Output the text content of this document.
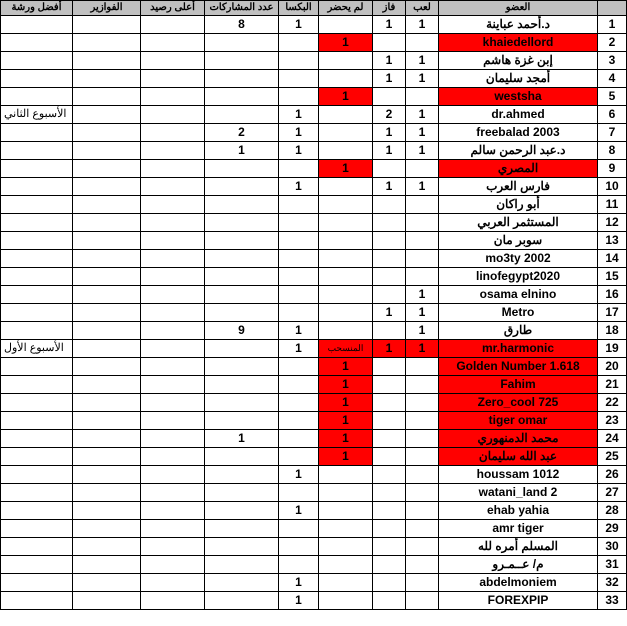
أفضل ورشة	الفوازير	أعلى رصيد	عدد المشاركات	البكسا	لم يحضر	فاز	لعب	العضو	
			8	1		1	1	د.أحمد عباينة	1
					1			khaiedellord	2
						1	1	إبن غزة هاشم	3
						1	1	أمجد سليمان	4
					1			westsha	5
الأسبوع الثاني				1		2	1	dr.ahmed	6
			2	1		1	1	freebalad 2003	7
			1	1		1	1	د.عبد الرحمن سالم	8
					1			المصري	9
				1		1	1	فارس العرب	10
								أبو راكان	11
								المستثمر العربي	12
								سوبر مان	13
								mo3ty 2002	14
								linofegypt2020	15
							1	osama elnino	16
						1	1	Metro	17
			9	1			1	طارق	18
الأسبوع الأول				1	المنسحب	1	1	mr.harmonic	19
					1			Golden Number 1.618	20
					1			Fahim	21
					1			Zero_cool 725	22
					1			tiger omar	23
			1		1			محمد الدمنهوري	24
					1			عبد الله سليمان	25
				1				houssam 1012	26
								watani_land 2	27
				1				ehab yahia	28
								amr tiger	29
								المسلم أمره لله	30
								م/ عــمـرو	31
				1				abdelmoniem	32
				1				FOREXPIP	33
